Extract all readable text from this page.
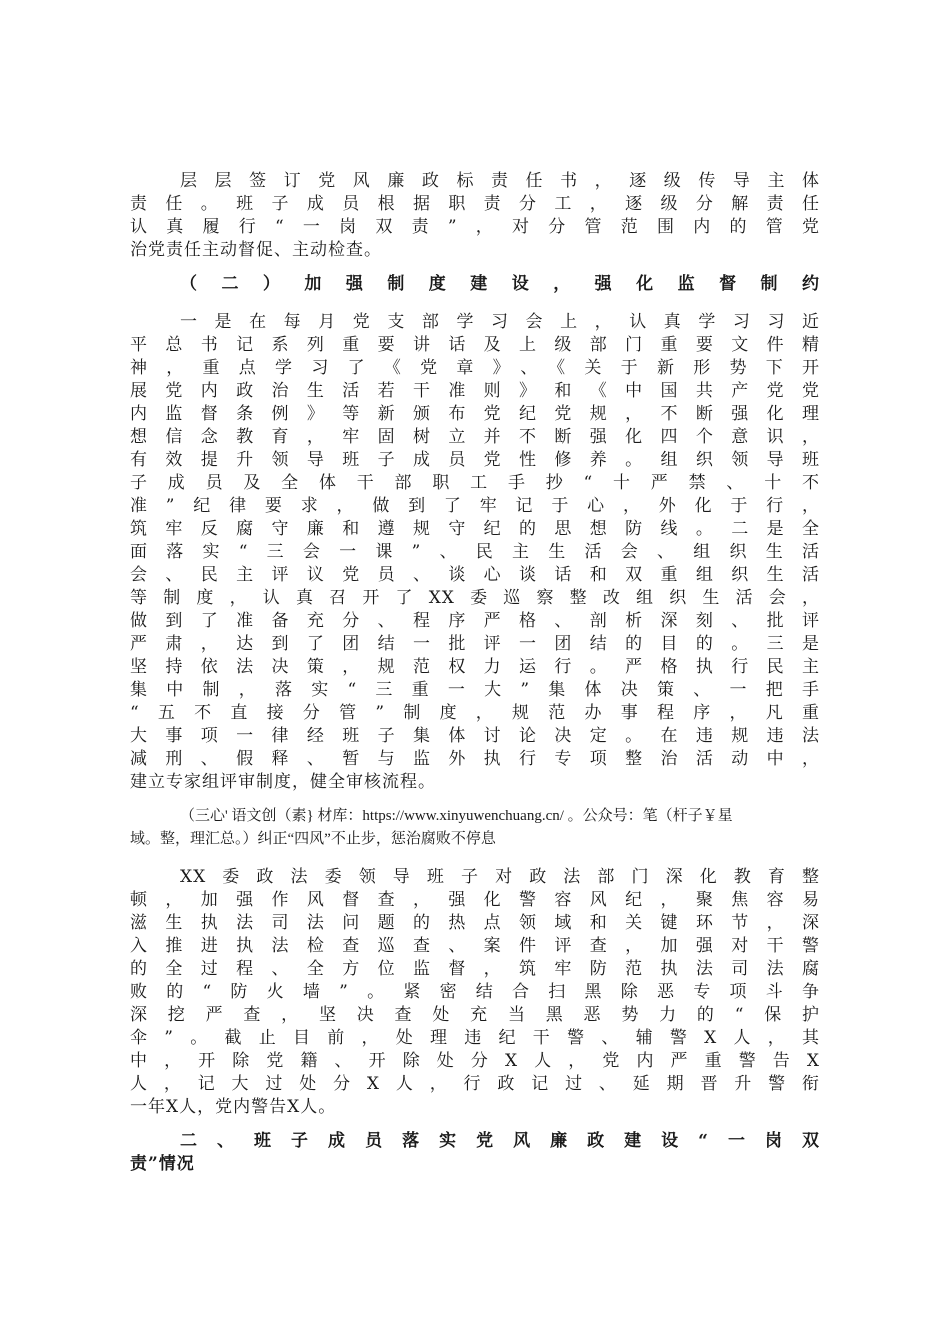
层层签订党风廉政标责任书，逐级传导主体
责任。班子成员根据职责分工，逐级分解责任
认真履行“一岗双责”，对分管范围内的管党
治党责任主动督促、主动检查。
（二）加强制度建设，强化监督制约
一是在每月党支部学习会上，认真学习习近
平总书记系列重要讲话及上级部门重要文件精
神，重点学习了《党章》、《关于新形势下开
展党内政治生活若干准则》和《中国共产党党
内监督条例》等新颁布党纪党规，不断强化理
想信念教育，牢固树立并不断强化四个意识，
有效提升领导班子成员党性修养。组织领导班
子成员及全体干部职工手抄“十严禁、十不
准”纪律要求，做到了牢记于心，外化于行，
筑牢反腐守廉和遵规守纪的思想防线。二是全
面落实“三会一课”、民主生活会、组织生活
会、民主评议党员、谈心谈话和双重组织生活
等制度，认真召开了XX委巡察整改组织生活会，
做到了准备充分、程序严格、剖析深刻、批评
严肃，达到了团结一批评一团结的目的。三是
坚持依法决策，规范权力运行。严格执行民主
集中制，落实“三重一大”集体决策、一把手
“五不直接分管”制度，规范办事程序，凡重
大事项一律经班子集体讨论决定。在违规违法
减刑、假释、暂与监外执行专项整治活动中，
建立专家组评审制度，健全审核流程。
（三心' 语文创（素} 材库：https://www.xinyuwenchuang.cn/ 。公众号：笔（杆子￥星
域。整，理汇总。）纠正“四风”不止步，惩治腐败不停息
XX委政法委领导班子对政法部门深化教育整
顿，加强作风督查，强化警容风纪，聚焦容易
滋生执法司法问题的热点领域和关键环节，深
入推进执法检查巡查、案件评查，加强对干警
的全过程、全方位监督，筑牢防范执法司法腐
败的“防火墙”。紧密结合扫黑除恶专项斗争
深挖严查，坚决查处充当黑恶势力的“保护
伞”。截止目前，处理违纪干警、辅警X人，其
中，开除党籍、开除处分X人，党内严重警告X
人，记大过处分X人，行政记过、延期晋升警衔
一年X人，党内警告X人。
二、班子成员落实党风廉政建设“一岗双
责”情况
